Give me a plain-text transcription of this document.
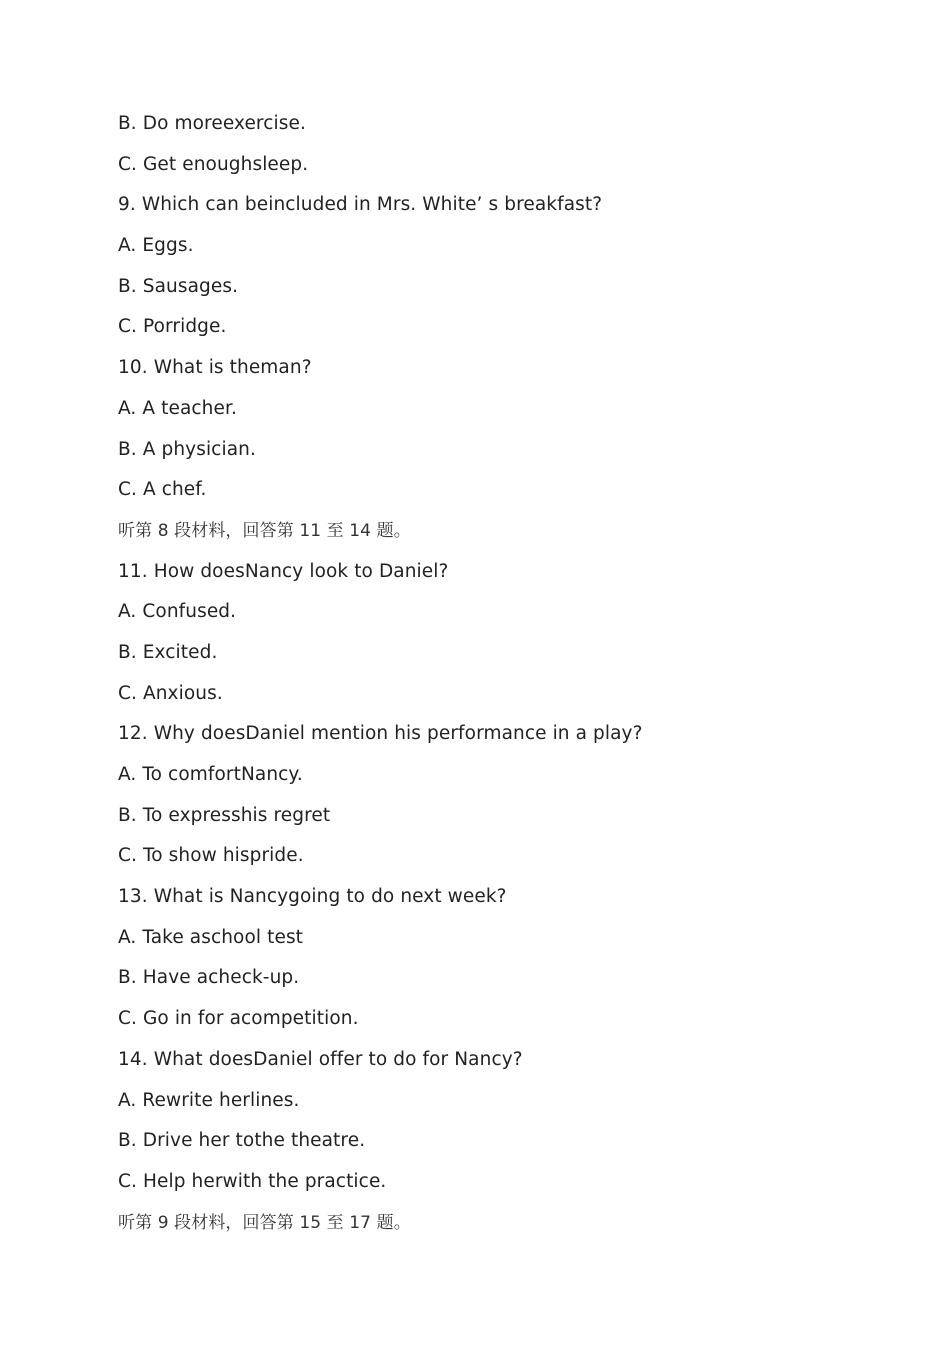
B. Do moreexercise.
C. Get enoughsleep.
9. Which can beincluded in Mrs. White’ s breakfast?
A. Eggs.
B. Sausages.
C. Porridge.
10. What is theman?
A. A teacher.
B. A physician.
C. A chef.
听第 8 段材料，回答第 11 至 14 题。
11. How doesNancy look to Daniel?
A. Confused.
B. Excited.
C. Anxious.
12. Why doesDaniel mention his performance in a play?
A. To comfortNancy.
B. To expresshis regret
C. To show hispride.
13. What is Nancygoing to do next week?
A. Take aschool test
B. Have acheck-up.
C. Go in for acompetition.
14. What doesDaniel offer to do for Nancy?
A. Rewrite herlines.
B. Drive her tothe theatre.
C. Help herwith the practice.
听第 9 段材料，回答第 15 至 17 题。
